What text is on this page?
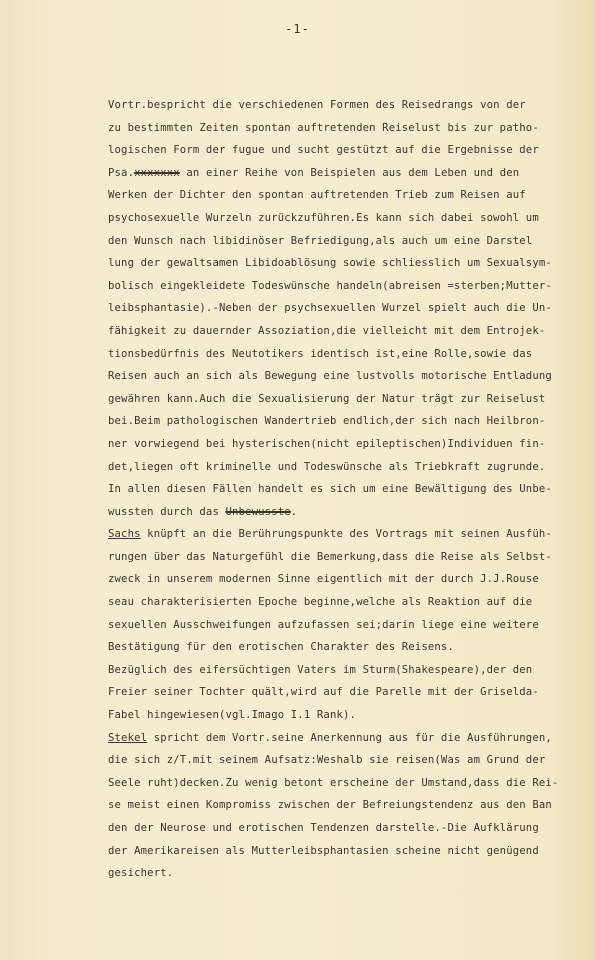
-1-
Vortr.bespricht die verschiedenen Formen des Reisedrangs von der
zu bestimmten Zeiten spontan auftretenden Reiselust bis zur patho-
logischen Form der fugue und sucht gestützt auf die Ergebnisse der
Psa.xxxxxxx an einer Reihe von Beispielen aus dem Leben und den
Werken der Dichter den spontan auftretenden Trieb zum Reisen auf
psychosexuelle Wurzeln zurückzuführen.Es kann sich dabei sowohl um
den Wunsch nach libidinöser Befriedigung,als auch um eine Darstel
lung der gewaltsamen Libidoablösung sowie schliesslich um Sexualsym-
bolisch eingekleidete Todeswünsche handeln(abreisen =sterben;Mutter-
leibsphantasie).-Neben der psychsexuellen Wurzel spielt auch die Un-
fähigkeit zu dauernder Assoziation,die vielleicht mit dem Entrojek-
tionsbedürfnis des Neutotikers identisch ist,eine Rolle,sowie das
Reisen auch an sich als Bewegung eine lustvolls motorische Entladung
gewähren kann.Auch die Sexualisierung der Natur trägt zur Reiselust
bei.Beim pathologischen Wandertrieb endlich,der sich nach Heilbron-
ner vorwiegend bei hysterischen(nicht epileptischen)Individuen fin-
det,liegen oft kriminelle und Todeswünsche als Triebkraft zugrunde.
In allen diesen Fällen handelt es sich um eine Bewältigung des Unbe-
wussten durch das Unbewusste.
Sachs knüpft an die Berührungspunkte des Vortrags mit seinen Ausfüh-
rungen über das Naturgefühl die Bemerkung,dass die Reise als Selbst-
zweck in unserem modernen Sinne eigentlich mit der durch J.J.Rouse
seau charakterisierten Epoche beginne,welche als Reaktion auf die
sexuellen Ausschweifungen aufzufassen sei;darin liege eine weitere
Bestätigung für den erotischen Charakter des Reisens.
Bezüglich des eifersüchtigen Vaters im Sturm(Shakespeare),der den
Freier seiner Tochter quält,wird auf die Parelle mit der Griselda-
Fabel hingewiesen(vgl.Imago I.1 Rank).
Stekel spricht dem Vortr.seine Anerkennung aus für die Ausführungen,
die sich z/T.mit seinem Aufsatz:Weshalb sie reisen(Was am Grund der
Seele ruht)decken.Zu wenig betont erscheine der Umstand,dass die Rei-
se meist einen Kompromiss zwischen der Befreiungstendenz aus den Ban
den der Neurose und erotischen Tendenzen darstelle.-Die Aufklärung
der Amerikareisen als Mutterleibsphantasien scheine nicht genügend
gesichert.
